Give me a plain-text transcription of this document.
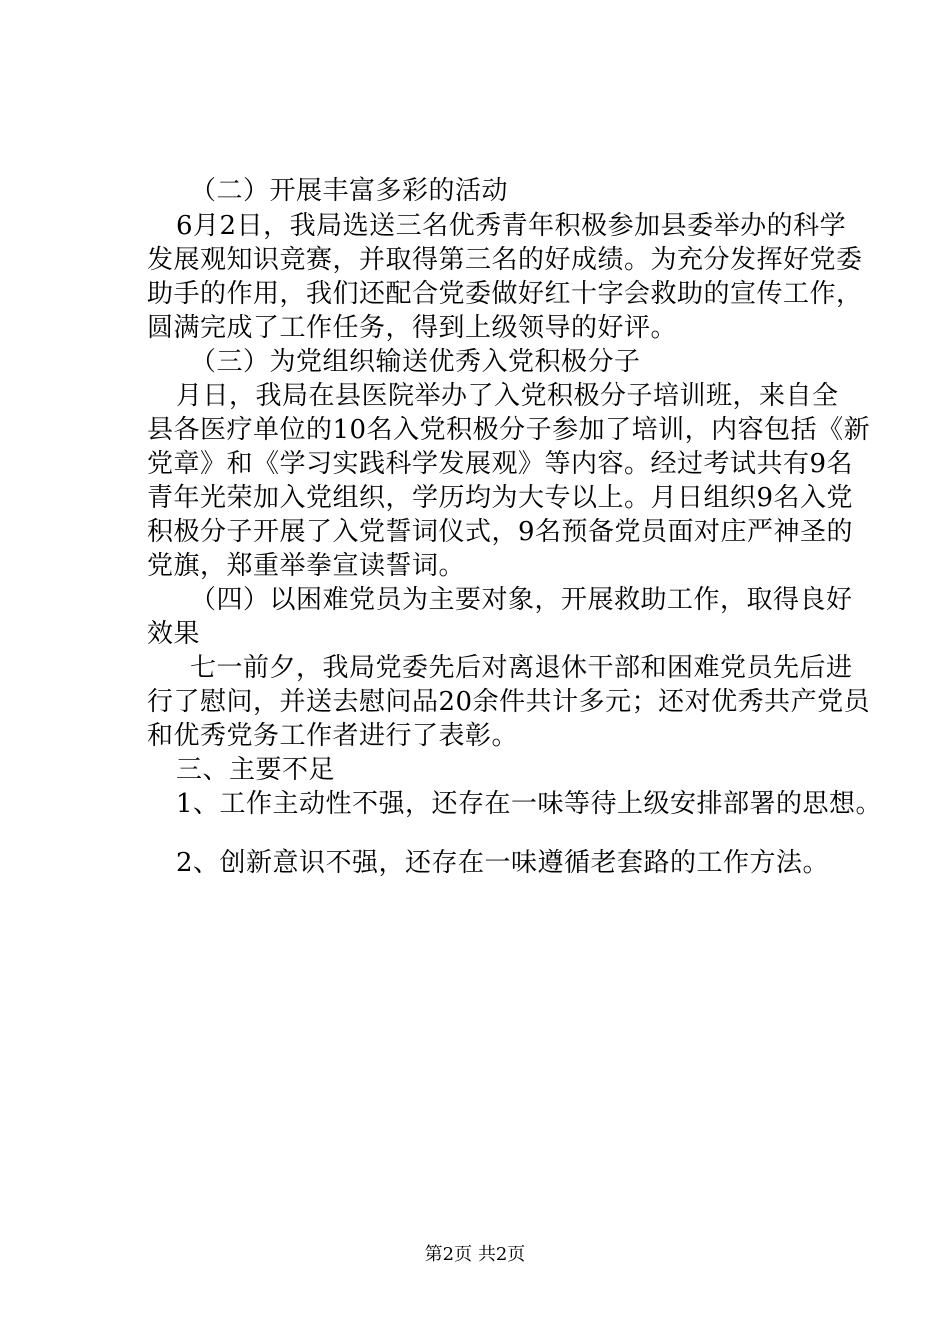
（二）开展丰富多彩的活动
6月2日，我局选送三名优秀青年积极参加县委举办的科学
发展观知识竞赛，并取得第三名的好成绩。为充分发挥好党委
助手的作用，我们还配合党委做好红十字会救助的宣传工作，
圆满完成了工作任务，得到上级领导的好评。
（三）为党组织输送优秀入党积极分子
月日，我局在县医院举办了入党积极分子培训班，来自全
县各医疗单位的10名入党积极分子参加了培训，内容包括《新
党章》和《学习实践科学发展观》等内容。经过考试共有9名
青年光荣加入党组织，学历均为大专以上。月日组织9名入党
积极分子开展了入党誓词仪式，9名预备党员面对庄严神圣的
党旗，郑重举拳宣读誓词。
（四）以困难党员为主要对象，开展救助工作，取得良好
效果
七一前夕，我局党委先后对离退休干部和困难党员先后进
行了慰问，并送去慰问品20余件共计多元；还对优秀共产党员
和优秀党务工作者进行了表彰。
三、主要不足
1、工作主动性不强，还存在一味等待上级安排部署的思想。
2、创新意识不强，还存在一味遵循老套路的工作方法。
第2页 共2页
